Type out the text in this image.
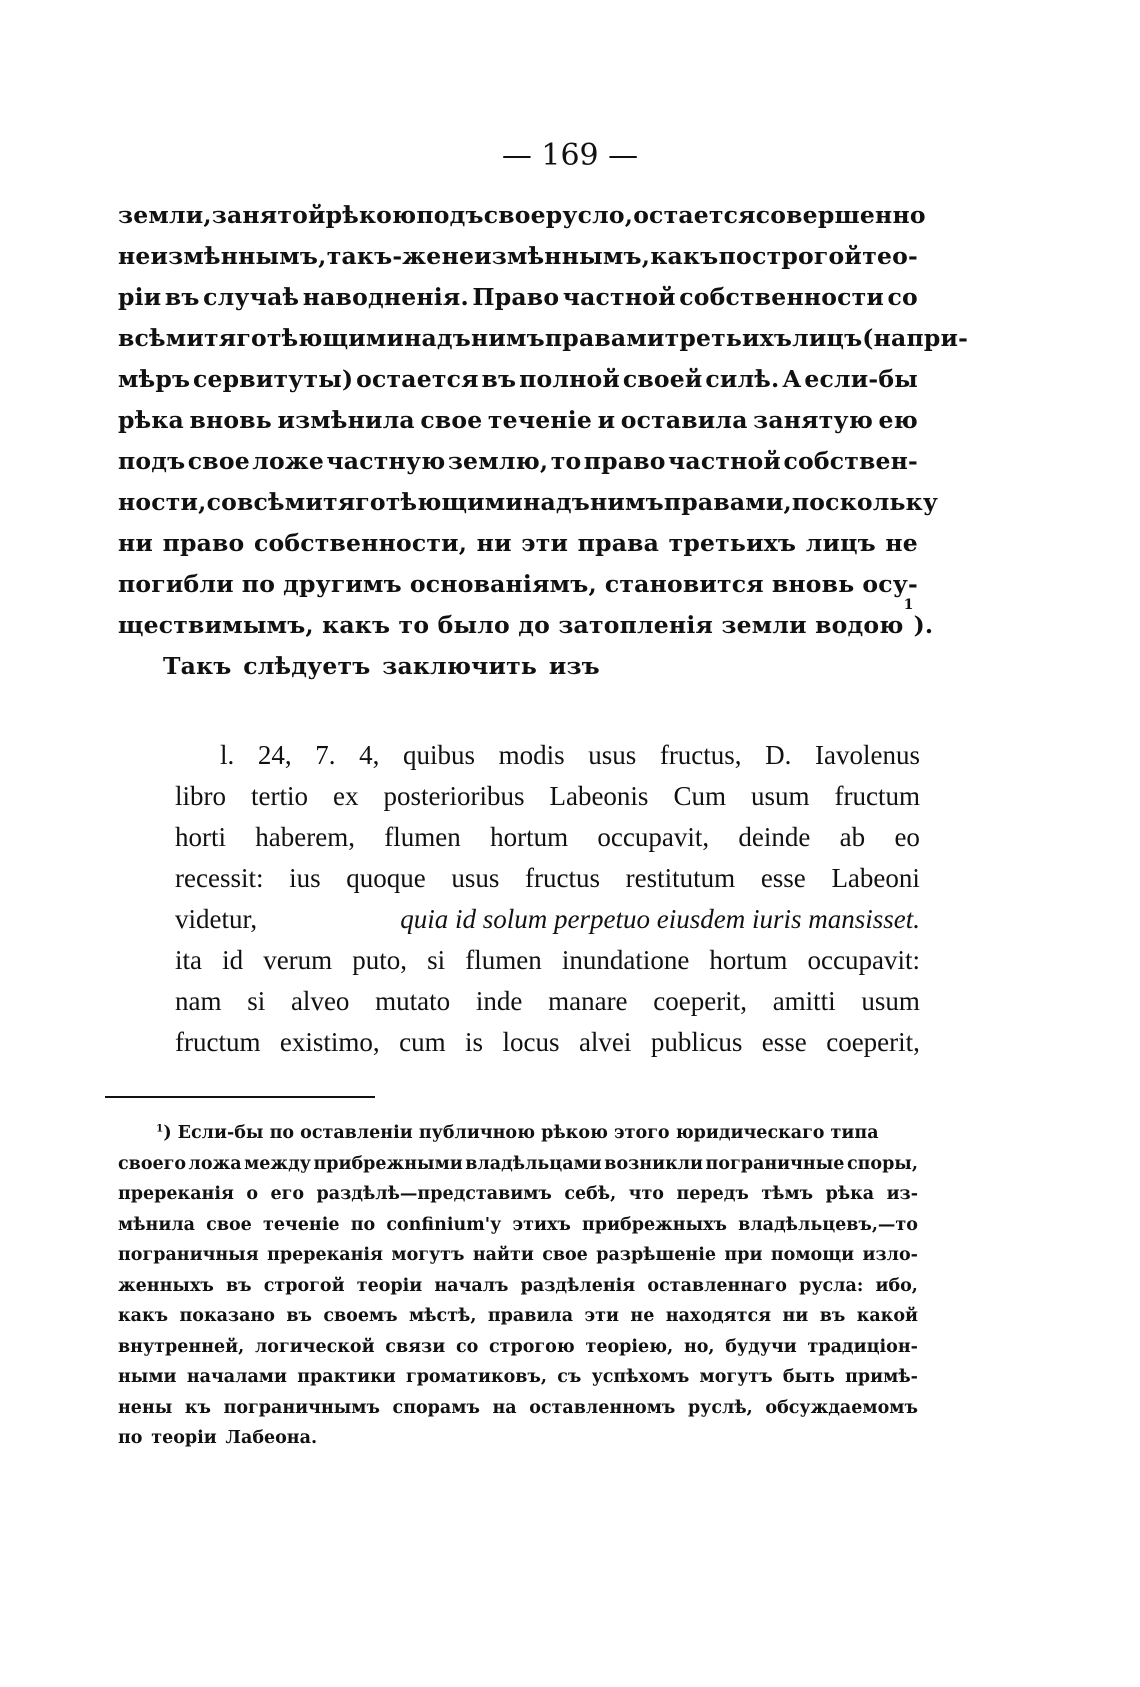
— 169 —
земли, занятой рѣкою подъ свое русло, остается совершенно
неизмѣннымъ, такъ-же неизмѣннымъ, какъ по строгой тео-
ріи въ случаѣ наводненія. Право частной собственности со
всѣми тяготѣющими надъ нимъ правами третьихъ лицъ (напри-
мѣръ сервитуты) остается въ полной своей силѣ. А если-бы
рѣка вновь измѣнила свое теченіе и оставила занятую ею
подъ свое ложе частную землю, то право частной собствен-
ности, со всѣми тяготѣющими надъ нимъ правами, поскольку
ни право собственности, ни эти права третьихъ лицъ не
погибли по другимъ основаніямъ, становится вновь осу-
ществимымъ, какъ то было до затопленія земли водою
1
).
Такъ слѣдуетъ заключить изъ
l. 24, 7. 4, quibus modis usus fructus, D. Iavolenus
libro tertio ex posterioribus Labeonis Cum usum fructum
horti haberem, flumen hortum occupavit, deinde ab eo
recessit: ius quoque usus fructus restitutum esse Labeoni
videtur,	quia id solum perpetuo eiusdem iuris mansisset.
ita id verum puto, si flumen inundatione hortum occupavit:
nam si alveo mutato inde manare coeperit, amitti usum
fructum existimo, cum is locus alvei publicus esse coeperit,
$^1$) Если-бы по оставленіи публичною рѣкою этого юридическаго типа
своего ложа между прибрежными владѣльцами возникли пограничные споры,
пререканія о его раздѣлѣ—представимъ себѣ, что передъ тѣмъ рѣка из-
мѣнила свое теченіе по confinium'у этихъ прибрежныхъ владѣльцевъ,—то
пограничныя пререканія могутъ найти свое разрѣшеніе при помощи изло-
женныхъ въ строгой теоріи началъ раздѣленія оставленнаго русла: ибо,
какъ показано въ своемъ мѣстѣ, правила эти не находятся ни въ какой
внутренней, логической связи со строгою теоріею, но, будучи традиціон-
ными началами практики громатиковъ, съ успѣхомъ могутъ быть примѣ-
нены къ пограничнымъ спорамъ на оставленномъ руслѣ, обсуждаемомъ
по теоріи Лабеона.
